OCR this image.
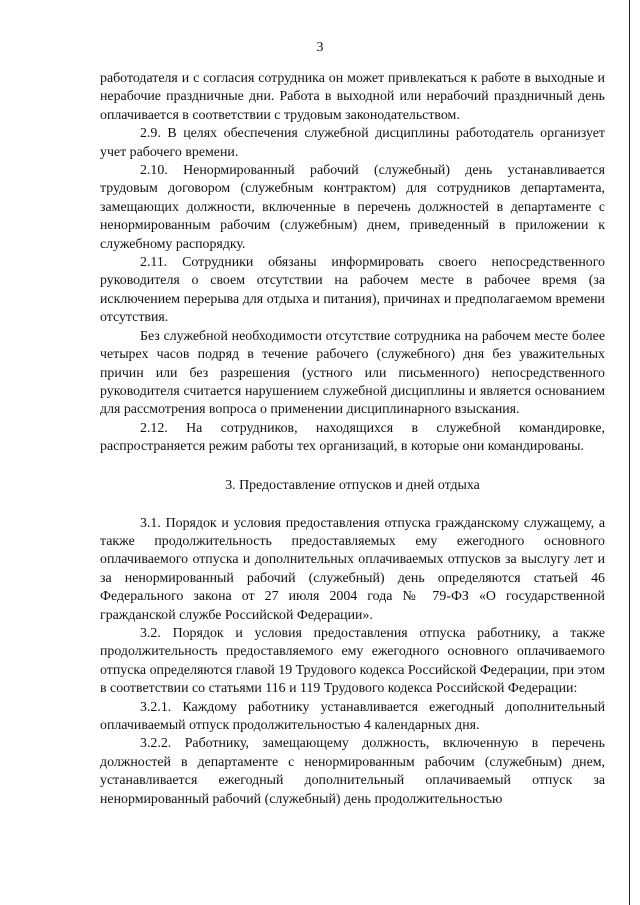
3

работодателя и с согласия сотрудника он может привлекаться к работе в выходные и нерабочие праздничные дни. Работа в выходной или нерабочий праздничный день оплачивается в соответствии с трудовым законодательством.

2.9. В целях обеспечения служебной дисциплины работодатель организует учет рабочего времени.

2.10. Ненормированный рабочий (служебный) день устанавливается трудовым договором (служебным контрактом) для сотрудников департамента, замещающих должности, включенные в перечень должностей в департаменте с ненормированным рабочим (служебным) днем, приведенный в приложении к служебному распорядку.

2.11. Сотрудники обязаны информировать своего непосредственного руководителя о своем отсутствии на рабочем месте в рабочее время (за исключением перерыва для отдыха и питания), причинах и предполагаемом времени отсутствия.

Без служебной необходимости отсутствие сотрудника на рабочем месте более четырех часов подряд в течение рабочего (служебного) дня без уважительных причин или без разрешения (устного или письменного) непосредственного руководителя считается нарушением служебной дисциплины и является основанием для рассмотрения вопроса о применении дисциплинарного взыскания.

2.12. На сотрудников, находящихся в служебной командировке, распространяется режим работы тех организаций, в которые они командированы.

3. Предоставление отпусков и дней отдыха

3.1. Порядок и условия предоставления отпуска гражданскому служащему, а также продолжительность предоставляемых ему ежегодного основного оплачиваемого отпуска и дополнительных оплачиваемых отпусков за выслугу лет и за ненормированный рабочий (служебный) день определяются статьей 46 Федерального закона от 27 июля 2004 года № 79-ФЗ «О государственной гражданской службе Российской Федерации».

3.2. Порядок и условия предоставления отпуска работнику, а также продолжительность предоставляемого ему ежегодного основного оплачиваемого отпуска определяются главой 19 Трудового кодекса Российской Федерации, при этом в соответствии со статьями 116 и 119 Трудового кодекса Российской Федерации:

3.2.1. Каждому работнику устанавливается ежегодный дополнительный оплачиваемый отпуск продолжительностью 4 календарных дня.

3.2.2. Работнику, замещающему должность, включенную в перечень должностей в департаменте с ненормированным рабочим (служебным) днем, устанавливается ежегодный дополнительный оплачиваемый отпуск за ненормированный рабочий (служебный) день продолжительностью
